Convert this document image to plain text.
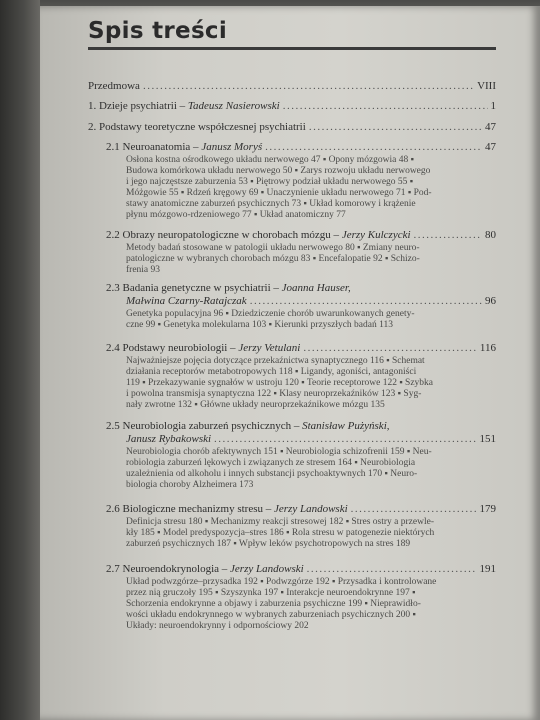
Spis treści
Przedmowa .....	VIII
1. Dzieje psychiatrii – Tadeusz Nasierowski .....	1
2. Podstawy teoretyczne współczesnej psychiatrii .....	47
2.1 Neuroanatomia – Janusz Moryś .....	47
Osłona kostna ośrodkowego układu nerwowego 47 ▪ Opony mózgowia 48 ▪
Budowa komórkowa układu nerwowego 50 ▪ Zarys rozwoju układu nerwowego
i jego najczęstsze zaburzenia 53 ▪ Piętrowy podział układu nerwowego 55 ▪
Móżgowie 55 ▪ Rdzeń kręgowy 69 ▪ Unaczynienie układu nerwowego 71 ▪ Pod-
stawy anatomiczne zaburzeń psychicznych 73 ▪ Układ komorowy i krążenie
płynu mózgowo-rdzeniowego 77 ▪ Układ anatomiczny 77
2.2 Obrazy neuropatologiczne w chorobach mózgu – Jerzy Kulczycki .....	80
Metody badań stosowane w patologii układu nerwowego 80 ▪ Zmiany neuro-
patologiczne w wybranych chorobach mózgu 83 ▪ Encefalopatie 92 ▪ Schizo-
frenia 93
2.3 Badania genetyczne w psychiatrii – Joanna Hauser,
Małwina Czarny-Ratajczak .....	96
Genetyka populacyjna 96 ▪ Dziedziczenie chorób uwarunkowanych genety-
czne 99 ▪ Genetyka molekularna 103 ▪ Kierunki przyszłych badań 113
2.4 Podstawy neurobiologii – Jerzy Vetulani .....	116
Najważniejsze pojęcia dotyczące przekaźnictwa synaptycznego 116 ▪ Schemat
działania receptorów metabotropowych 118 ▪ Ligandy, agoniści, antagoniści
119 ▪ Przekazywanie sygnałów w ustroju 120 ▪ Teorie receptorowe 122 ▪ Szybka
i powolna transmisja synaptyczna 122 ▪ Klasy neuroprzekaźników 123 ▪ Syg-
nały zwrotne 132 ▪ Główne układy neuroprzekaźnikowe mózgu 135
2.5 Neurobiologia zaburzeń psychicznych – Stanisław Pużyński,
Janusz Rybakowski .....	151
Neurobiologia chorób afektywnych 151 ▪ Neurobiologia schizofrenii 159 ▪ Neu-
robiologia zaburzeń lękowych i związanych ze stresem 164 ▪ Neurobiologia
uzależnienia od alkoholu i innych substancji psychoaktywnych 170 ▪ Neuro-
biologia choroby Alzheimera 173
2.6 Biologiczne mechanizmy stresu – Jerzy Landowski .....	179
Definicja stresu 180 ▪ Mechanizmy reakcji stresowej 182 ▪ Stres ostry a przewle-
kły 185 ▪ Model predyspozycja–stres 186 ▪ Rola stresu w patogenezie niektórych
zaburzeń psychicznych 187 ▪ Wpływ leków psychotropowych na stres 189
2.7 Neuroendokrynologia – Jerzy Landowski .....	191
Układ podwzgórze–przysadka 192 ▪ Podwzgórze 192 ▪ Przysadka i kontrolowane
przez nią gruczoły 195 ▪ Szyszynka 197 ▪ Interakcje neuroendokrynne 197 ▪
Schorzenia endokrynne a objawy i zaburzenia psychiczne 199 ▪ Nieprawidło-
wości układu endokrynnego w wybranych zaburzeniach psychicznych 200 ▪
Układy: neuroendokrynny i odpornościowy 202
